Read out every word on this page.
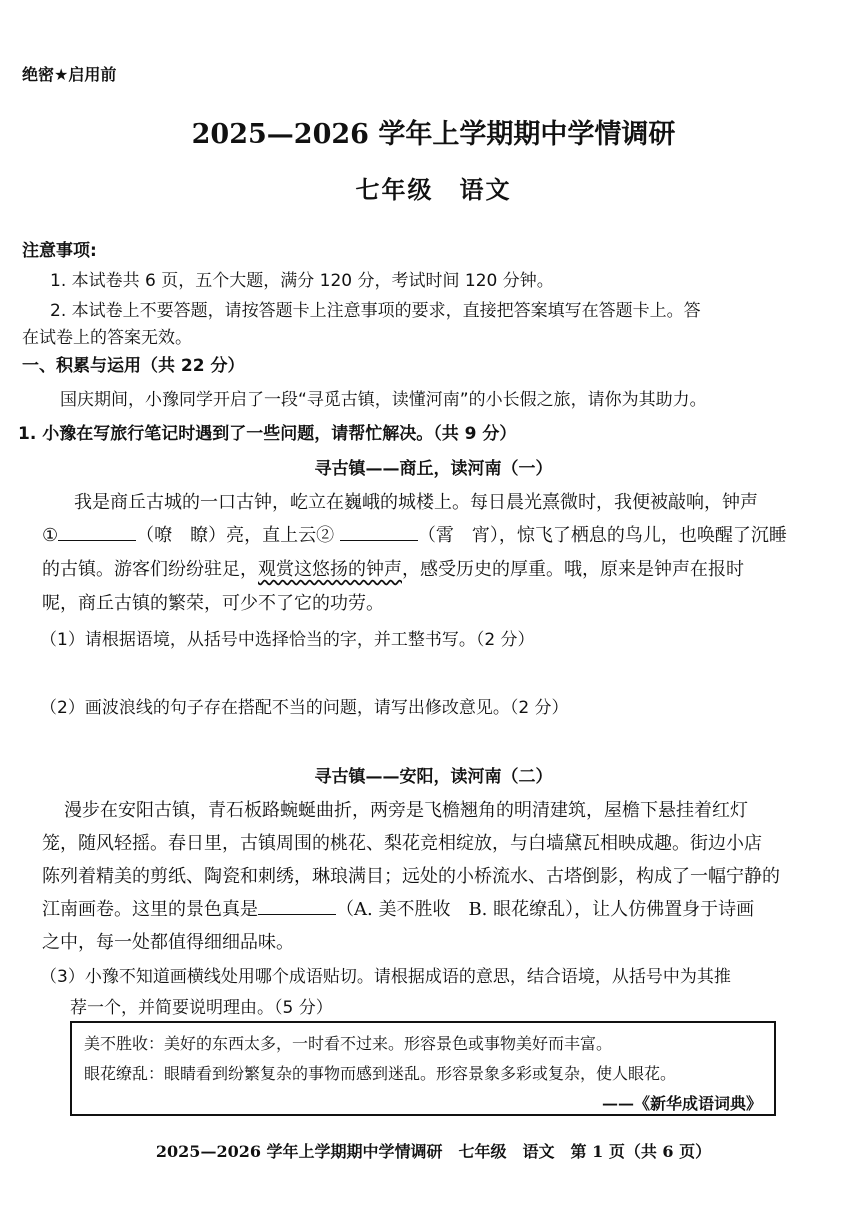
绝密★启用前
2025—2026 学年上学期期中学情调研
七年级　语文
注意事项:
1. 本试卷共 6 页，五个大题，满分 120 分，考试时间 120 分钟。
2. 本试卷上不要答题，请按答题卡上注意事项的要求，直接把答案填写在答题卡上。答
在试卷上的答案无效。
一、积累与运用（共 22 分）
国庆期间，小豫同学开启了一段“寻觅古镇，读懂河南”的小长假之旅，请你为其助力。
1. 小豫在写旅行笔记时遇到了一些问题，请帮忙解决。（共 9 分）
寻古镇——商丘，读河南（一）
我是商丘古城的一口古钟，屹立在巍峨的城楼上。每日晨光熹微时，我便被敲响，钟声
①	（嘹　瞭）亮，直上云②	（霄　宵），惊飞了栖息的鸟儿，也唤醒了沉睡
的古镇。游客们纷纷驻足，观赏这悠扬的钟声，感受历史的厚重。哦，原来是钟声在报时
呢，商丘古镇的繁荣，可少不了它的功劳。
（1）请根据语境，从括号中选择恰当的字，并工整书写。（2 分）
（2）画波浪线的句子存在搭配不当的问题，请写出修改意见。（2 分）
寻古镇——安阳，读河南（二）
漫步在安阳古镇，青石板路蜿蜒曲折，两旁是飞檐翘角的明清建筑，屋檐下悬挂着红灯
笼，随风轻摇。春日里，古镇周围的桃花、梨花竞相绽放，与白墙黛瓦相映成趣。街边小店
陈列着精美的剪纸、陶瓷和刺绣，琳琅满目；远处的小桥流水、古塔倒影，构成了一幅宁静的
江南画卷。这里的景色真是	（A. 美不胜收　B. 眼花缭乱），让人仿佛置身于诗画
之中，每一处都值得细细品味。
（3）小豫不知道画横线处用哪个成语贴切。请根据成语的意思，结合语境，从括号中为其推
荐一个，并简要说明理由。（5 分）
美不胜收：美好的东西太多，一时看不过来。形容景色或事物美好而丰富。
眼花缭乱：眼睛看到纷繁复杂的事物而感到迷乱。形容景象多彩或复杂，使人眼花。
——《新华成语词典》
2025—2026 学年上学期期中学情调研　七年级　语文　第 1 页（共 6 页）
